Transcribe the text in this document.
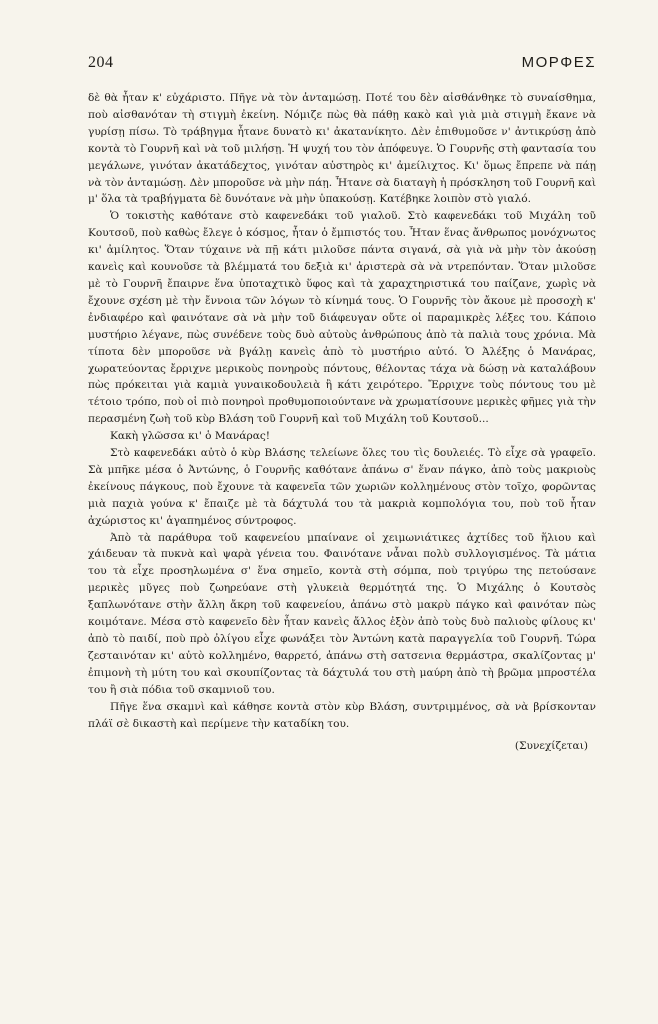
204	ΜΟΡΦΕΣ

δὲ θὰ ἦταν κ' εὐχάριστο. Πῆγε νὰ τὸν ἀνταμώσῃ. Ποτέ του δὲν αἰσθάνθηκε τὸ συναίσθημα, ποὺ αἰσθανόταν τὴ στιγμὴ ἐκείνη. Νόμιζε πὼς θὰ πάθῃ κακὸ καὶ γιὰ μιὰ στιγμὴ ἔκανε νὰ γυρίσῃ πίσω. Τὸ τράβηγμα ἦτανε δυνατὸ κι' ἀκατανίκητο. Δὲν ἐπιθυμοῦσε ν' ἀντικρύσῃ ἀπὸ κοντὰ τὸ Γουρνῆ καὶ νὰ τοῦ μιλήσῃ. Ἡ ψυχή του τὸν ἀπόφευγε. Ὁ Γουρνῆς στὴ φαντασία του μεγάλωνε, γινόταν ἀκατάδεχτος, γινόταν αὐστηρὸς κι' ἀμείλιχτος. Κι' ὅμως ἔπρεπε νὰ πάῃ νὰ τὸν ἀνταμώσῃ. Δὲν μποροῦσε νὰ μὴν πάῃ. Ἦτανε σὰ διαταγὴ ἡ πρόσκληση τοῦ Γουρνῆ καὶ μ' ὅλα τὰ τραβήγματα δὲ δυνότανε νὰ μὴν ὑπακούσῃ. Κατέβηκε λοιπὸν στὸ γιαλό.

Ὁ τοκιστὴς καθότανε στὸ καφενεδάκι τοῦ γιαλοῦ. Στὸ καφενεδάκι τοῦ Μιχάλη τοῦ Κουτσοῦ, ποὺ καθὼς ἔλεγε ὁ κόσμος, ἦταν ὁ ἔμπιστός του. Ἦταν ἕνας ἄνθρωπος μονόχνωτος κι' ἀμίλητος. Ὅταν τύχαινε νὰ πῇ κάτι μιλοῦσε πάντα σιγανά, σὰ γιὰ νὰ μὴν τὸν ἀκούσῃ κανεὶς καὶ κουνοῦσε τὰ βλέμματά του δεξιὰ κι' ἀριστερὰ σὰ νὰ ντρεπόνταν. Ὅταν μιλοῦσε μὲ τὸ Γουρνῆ ἔπαιρνε ἕνα ὑποταχτικὸ ὕφος καὶ τὰ χαραχτηριστικά του παίζανε, χωρὶς νὰ ἔχουνε σχέση μὲ τὴν ἔννοια τῶν λόγων τὸ κίνημά τους. Ὁ Γουρνῆς τὸν ἄκουε μὲ προσοχὴ κ' ἐνδιαφέρο καὶ φαινότανε σὰ νὰ μὴν τοῦ διάφευγαν οὔτε οἱ παραμικρὲς λέξες του. Κάποιο μυστήριο λέγανε, πὼς συνέδενε τοὺς δυὸ αὐτοὺς ἀνθρώπους ἀπὸ τὰ παλιὰ τους χρόνια. Μὰ τίποτα δὲν μποροῦσε νὰ βγάλῃ κανεὶς ἀπὸ τὸ μυστήριο αὐτό. Ὁ Ἀλέξης ὁ Μανάρας, χωρατεύοντας ἔρριχνε μερικοὺς πονηροὺς πόντους, θέλοντας τάχα νὰ δώσῃ νὰ καταλάβουν πὼς πρόκειται γιὰ καμιὰ γυναικοδουλειὰ ἢ κάτι χειρότερο. Ἔρριχνε τοὺς πόντους του μὲ τέτοιο τρόπο, ποὺ οἱ πιὸ πονηροὶ προθυμοποιούντανε νὰ χρωματίσουνε μερικὲς φῆμες γιὰ τὴν περασμένη ζωὴ τοῦ κὺρ Βλάση τοῦ Γουρνῆ καὶ τοῦ Μιχάλη τοῦ Κουτσοῦ...

Κακὴ γλῶσσα κι' ὁ Μανάρας!

Στὸ καφενεδάκι αὐτὸ ὁ κὺρ Βλάσης τελείωνε ὅλες του τὶς δουλειές. Τὸ εἶχε σὰ γραφεῖο. Σὰ μπῆκε μέσα ὁ Ἀντώνης, ὁ Γουρνῆς καθότανε ἀπάνω σ' ἕναν πάγκο, ἀπὸ τοὺς μακριοὺς ἐκείνους πάγκους, ποὺ ἔχουνε τὰ καφενεῖα τῶν χωριῶν κολλημένους στὸν τοῖχο, φορῶντας μιὰ παχιὰ γούνα κ' ἔπαιζε μὲ τὰ δάχτυλά του τὰ μακριὰ κομπολόγια του, ποὺ τοῦ ἦταν ἀχώριστος κι' ἀγαπημένος σύντροφος.

Ἀπὸ τὰ παράθυρα τοῦ καφενείου μπαίνανε οἱ χειμωνιάτικες ἀχτίδες τοῦ ἥλιου καὶ χάιδευαν τὰ πυκνὰ καὶ ψαρὰ γένεια του. Φαινότανε νἆναι πολὺ συλλογισμένος. Τὰ μάτια του τὰ εἶχε προσηλωμένα σ' ἕνα σημεῖο, κοντὰ στὴ σόμπα, ποὺ τριγύρω της πετούσανε μερικὲς μῦγες ποὺ ζωηρεύανε στὴ γλυκειὰ θερμότητά της. Ὁ Μιχάλης ὁ Κουτσὸς ξαπλωνότανε στὴν ἄλλη ἄκρη τοῦ καφενείου, ἀπάνω στὸ μακρὺ πάγκο καὶ φαινόταν πὼς κοιμότανε. Μέσα στὸ καφενεῖο δὲν ἦταν κανεὶς ἄλλος ἐξὸν ἀπὸ τοὺς δυὸ παλιοὺς φίλους κι' ἀπὸ τὸ παιδί, ποὺ πρὸ ὀλίγου εἶχε φωνάξει τὸν Ἀντώνη κατὰ παραγγελία τοῦ Γουρνῆ. Τώρα ζεσταινόταν κι' αὐτὸ κολλημένο, θαρρετό, ἀπάνω στὴ σατσενια θερμάστρα, σκαλίζοντας μ' ἐπιμονὴ τὴ μύτη του καὶ σκουπίζοντας τὰ δάχτυλά του στὴ μαύρη ἀπὸ τὴ βρῶμα μπροστέλα του ἢ σιὰ πόδια τοῦ σκαμνιοῦ του.

Πῆγε ἕνα σκαμνὶ καὶ κάθησε κοντὰ στὸν κὺρ Βλάση, συντριμμένος, σὰ νὰ βρίσκονταν πλάϊ σὲ δικαστὴ καὶ περίμενε τὴν καταδίκη του.

(Συνεχίζεται)
